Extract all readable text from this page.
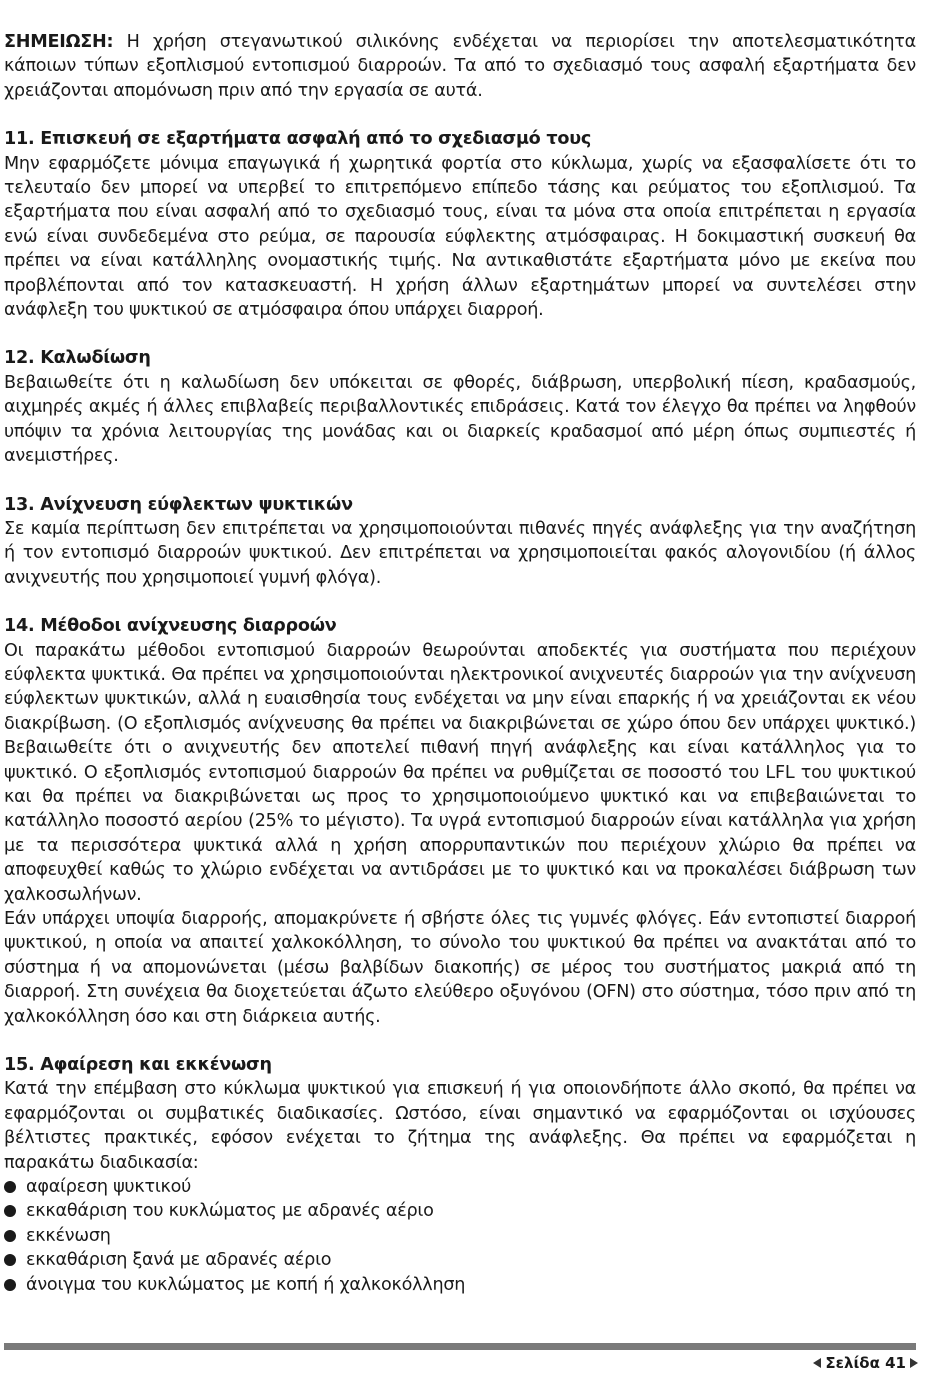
ΣΗΜΕΙΩΣΗ: Η χρήση στεγανωτικού σιλικόνης ενδέχεται να περιορίσει την αποτελεσματικότητα κάποιων τύπων εξοπλισμού εντοπισμού διαρροών. Τα από το σχεδιασμό τους ασφαλή εξαρτήματα δεν χρειάζονται απομόνωση πριν από την εργασία σε αυτά.

11. Επισκευή σε εξαρτήματα ασφαλή από το σχεδιασμό τους

Μην εφαρμόζετε μόνιμα επαγωγικά ή χωρητικά φορτία στο κύκλωμα, χωρίς να εξασφαλίσετε ότι το τελευταίο δεν μπορεί να υπερβεί το επιτρεπόμενο επίπεδο τάσης και ρεύματος του εξοπλισμού. Τα εξαρτήματα που είναι ασφαλή από το σχεδιασμό τους, είναι τα μόνα στα οποία επιτρέπεται η εργασία ενώ είναι συνδεδεμένα στο ρεύμα, σε παρουσία εύφλεκτης ατμόσφαιρας. Η δοκιμαστική συσκευή θα πρέπει να είναι κατάλληλης ονομαστικής τιμής. Να αντικαθιστάτε εξαρτήματα μόνο με εκείνα που προβλέπονται από τον κατασκευαστή. Η χρήση άλλων εξαρτημάτων μπορεί να συντελέσει στην ανάφλεξη του ψυκτικού σε ατμόσφαιρα όπου υπάρχει διαρροή.

12. Καλωδίωση

Βεβαιωθείτε ότι η καλωδίωση δεν υπόκειται σε φθορές, διάβρωση, υπερβολική πίεση, κραδασμούς, αιχμηρές ακμές ή άλλες επιβλαβείς περιβαλλοντικές επιδράσεις. Κατά τον έλεγχο θα πρέπει να ληφθούν υπόψιν τα χρόνια λειτουργίας της μονάδας και οι διαρκείς κραδασμοί από μέρη όπως συμπιεστές ή ανεμιστήρες.

13. Ανίχνευση εύφλεκτων ψυκτικών

Σε καμία περίπτωση δεν επιτρέπεται να χρησιμοποιούνται πιθανές πηγές ανάφλεξης για την αναζήτηση ή τον εντοπισμό διαρροών ψυκτικού. Δεν επιτρέπεται να χρησιμοποιείται φακός αλογονιδίου (ή άλλος ανιχνευτής που χρησιμοποιεί γυμνή φλόγα).

14. Μέθοδοι ανίχνευσης διαρροών

Οι παρακάτω μέθοδοι εντοπισμού διαρροών θεωρούνται αποδεκτές για συστήματα που περιέχουν εύφλεκτα ψυκτικά. Θα πρέπει να χρησιμοποιούνται ηλεκτρονικοί ανιχνευτές διαρροών για την ανίχνευση εύφλεκτων ψυκτικών, αλλά η ευαισθησία τους ενδέχεται να μην είναι επαρκής ή να χρειάζονται εκ νέου διακρίβωση. (Ο εξοπλισμός ανίχνευσης θα πρέπει να διακριβώνεται σε χώρο όπου δεν υπάρχει ψυκτικό.) Βεβαιωθείτε ότι ο ανιχνευτής δεν αποτελεί πιθανή πηγή ανάφλεξης και είναι κατάλληλος για το ψυκτικό. Ο εξοπλισμός εντοπισμού διαρροών θα πρέπει να ρυθμίζεται σε ποσοστό του LFL του ψυκτικού και θα πρέπει να διακριβώνεται ως προς το χρησιμοποιούμενο ψυκτικό και να επιβεβαιώνεται το κατάλληλο ποσοστό αερίου (25% το μέγιστο). Τα υγρά εντοπισμού διαρροών είναι κατάλληλα για χρήση με τα περισσότερα ψυκτικά αλλά η χρήση απορρυπαντικών που περιέχουν χλώριο θα πρέπει να αποφευχθεί καθώς το χλώριο ενδέχεται να αντιδράσει με το ψυκτικό και να προκαλέσει διάβρωση των χαλκοσωλήνων.

Εάν υπάρχει υποψία διαρροής, απομακρύνετε ή σβήστε όλες τις γυμνές φλόγες. Εάν εντοπιστεί διαρροή ψυκτικού, η οποία να απαιτεί χαλκοκόλληση, το σύνολο του ψυκτικού θα πρέπει να ανακτάται από το σύστημα ή να απομονώνεται (μέσω βαλβίδων διακοπής) σε μέρος του συστήματος μακριά από τη διαρροή. Στη συνέχεια θα διοχετεύεται άζωτο ελεύθερο οξυγόνου (OFN) στο σύστημα, τόσο πριν από τη χαλκοκόλληση όσο και στη διάρκεια αυτής.

15. Αφαίρεση και εκκένωση

Κατά την επέμβαση στο κύκλωμα ψυκτικού για επισκευή ή για οποιονδήποτε άλλο σκοπό, θα πρέπει να εφαρμόζονται οι συμβατικές διαδικασίες. Ωστόσο, είναι σημαντικό να εφαρμόζονται οι ισχύουσες βέλτιστες πρακτικές, εφόσον ενέχεται το ζήτημα της ανάφλεξης. Θα πρέπει να εφαρμόζεται η παρακάτω διαδικασία:

αφαίρεση ψυκτικού
εκκαθάριση του κυκλώματος με αδρανές αέριο
εκκένωση
εκκαθάριση ξανά με αδρανές αέριο
άνοιγμα του κυκλώματος με κοπή ή χαλκοκόλληση
Σελίδα 41
